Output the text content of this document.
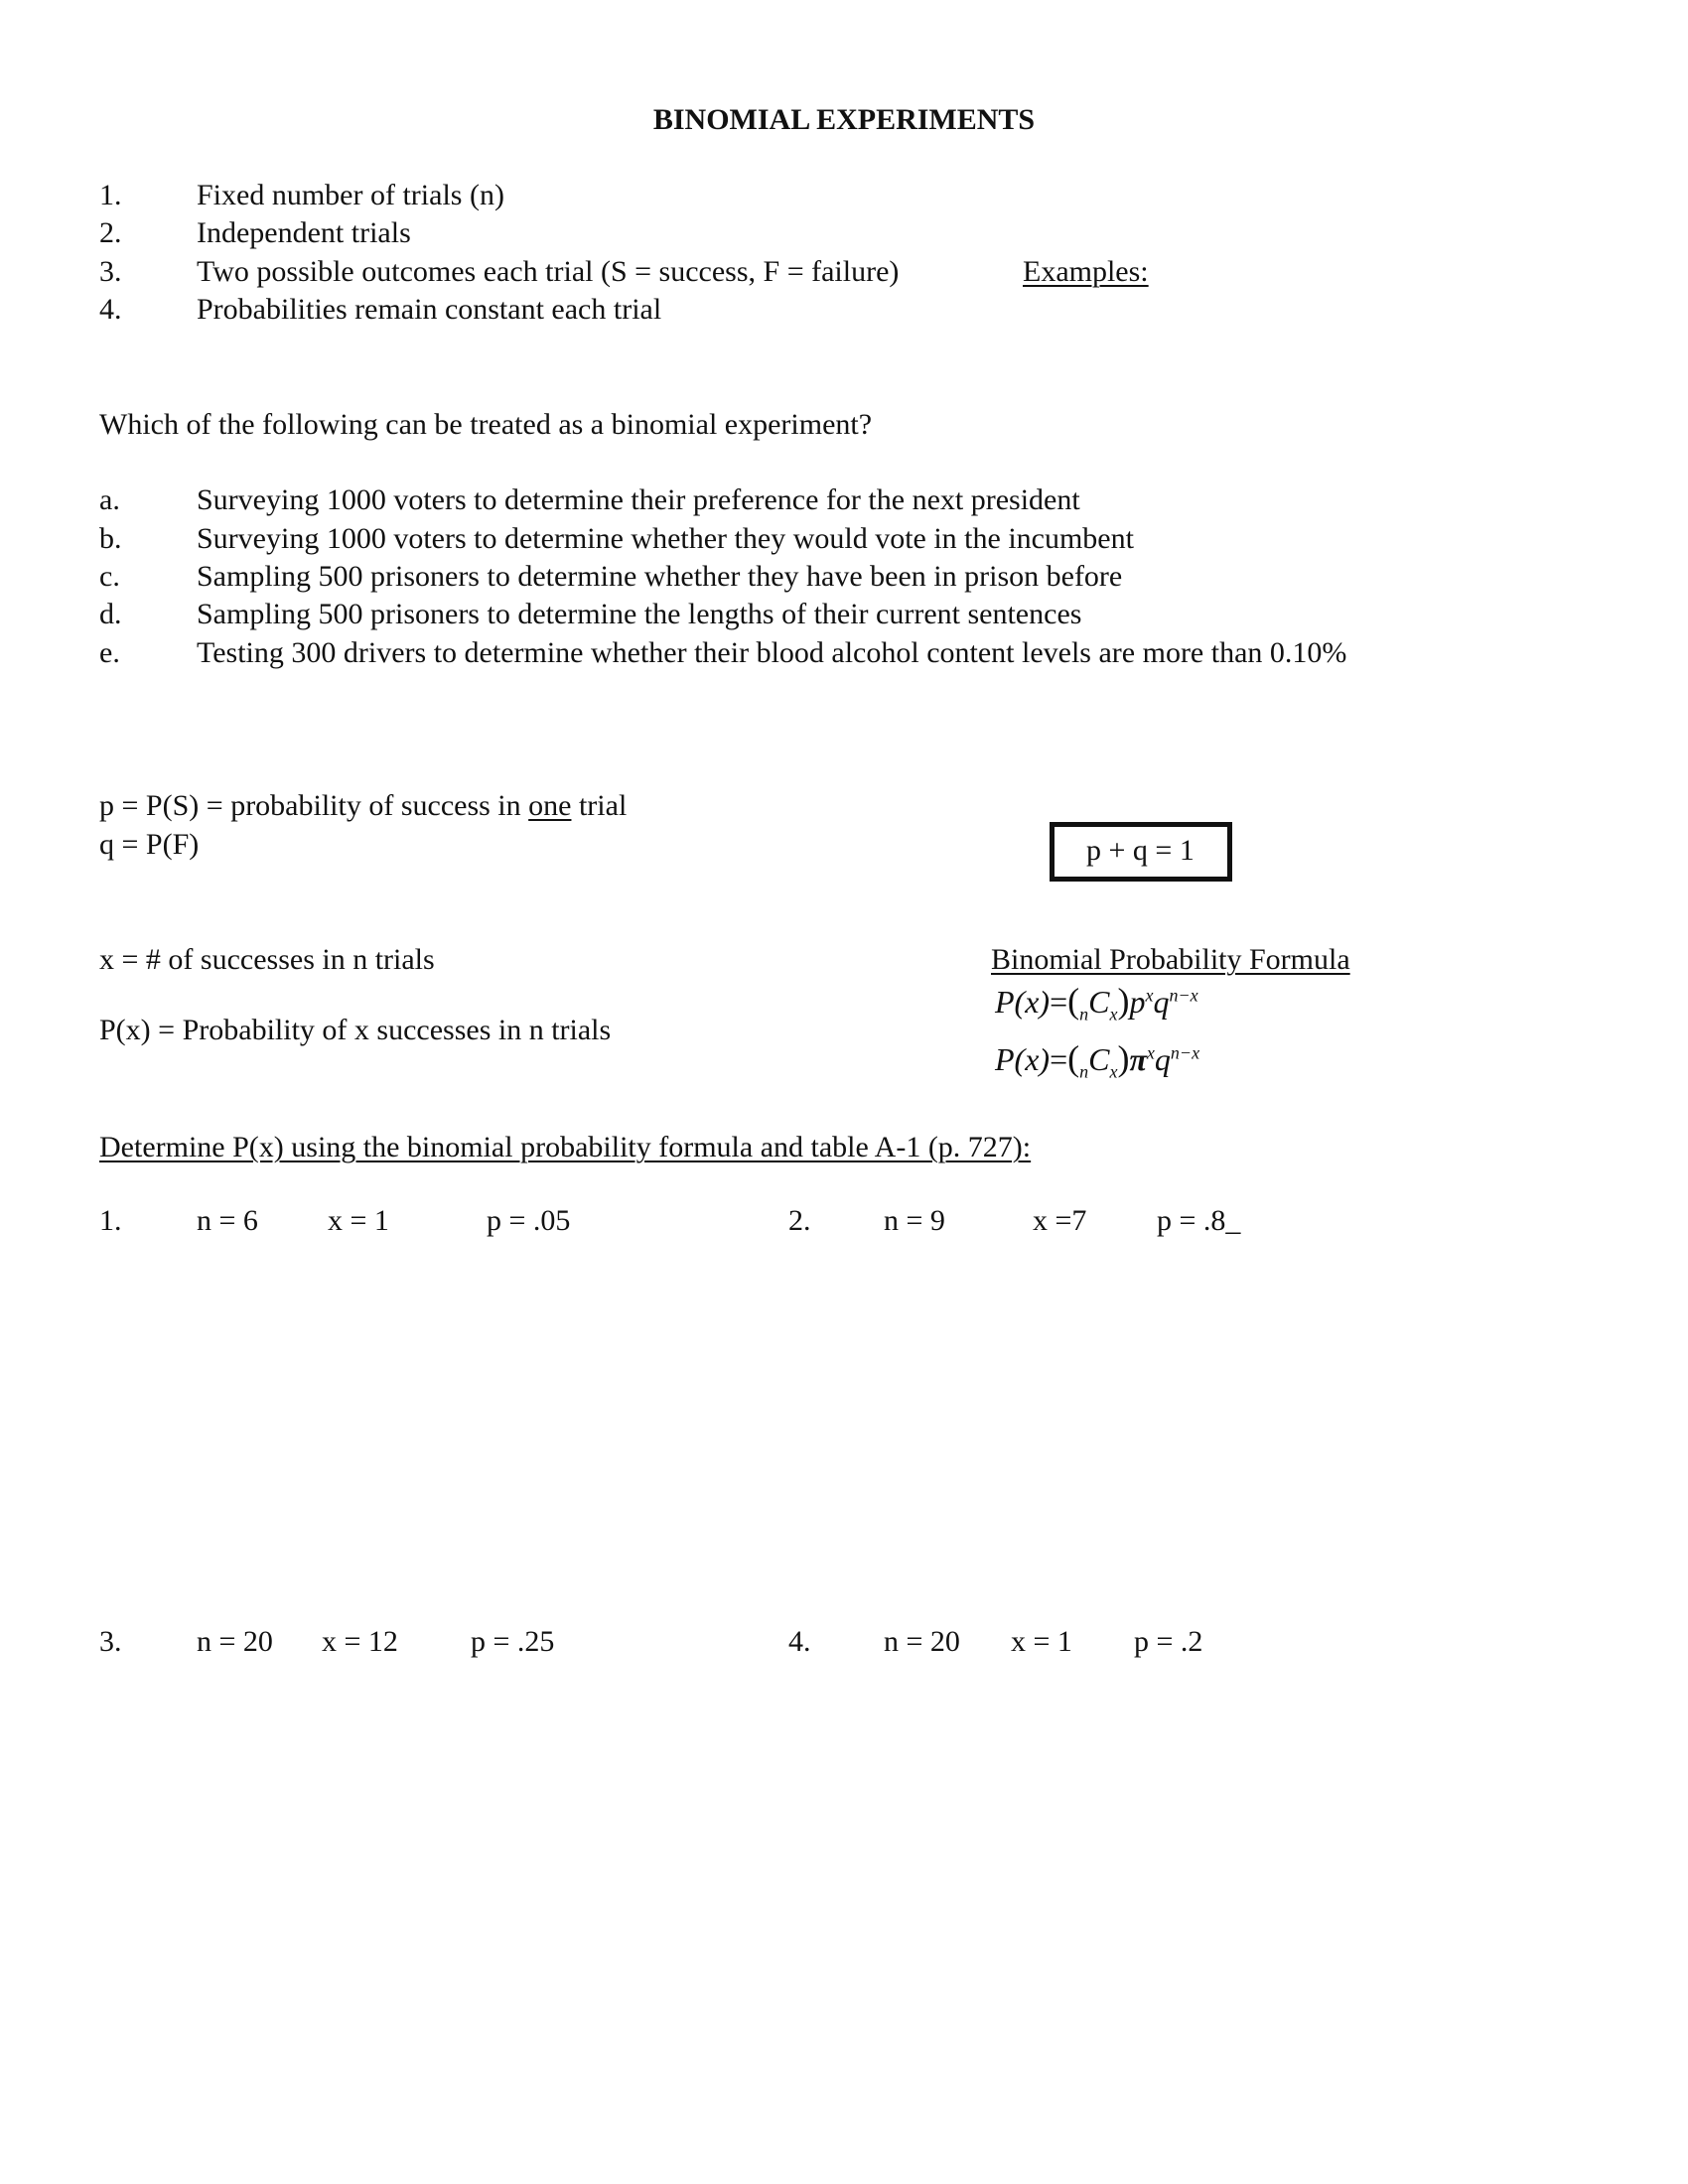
BINOMIAL EXPERIMENTS
1.	Fixed number of trials (n)
2.	Independent trials
3.	Two possible outcomes each trial (S = success, F = failure)
4.	Probabilities remain constant each trial
Examples:
Which of the following can be treated as a binomial experiment?
a.	Surveying 1000 voters to determine their preference for the next president
b.	Surveying 1000 voters to determine whether they would vote in the incumbent
c.	Sampling 500 prisoners to determine whether they have been in prison before
d.	Sampling 500 prisoners to determine the lengths of their current sentences
e.	Testing 300 drivers to determine whether their blood alcohol content levels are more than 0.10%
p = P(S) = probability of success in one trial
q = P(F)	p + q = 1
x = # of successes in n trials
P(x) = Probability of x successes in n trials
Binomial Probability Formula
$P(x)=(_nC_x)p^xq^{n-x}$
$P(x)=(_nC_x)\pi^xq^{n-x}$
Determine P(x) using the binomial probability formula and table A-1 (p. 727):
1.	n = 6 x = 1	p = .05	2. n = 9	x =7 p = .8_
3.	n = 20 x = 12 p = .25	4. n = 20 x = 1 p = .2
